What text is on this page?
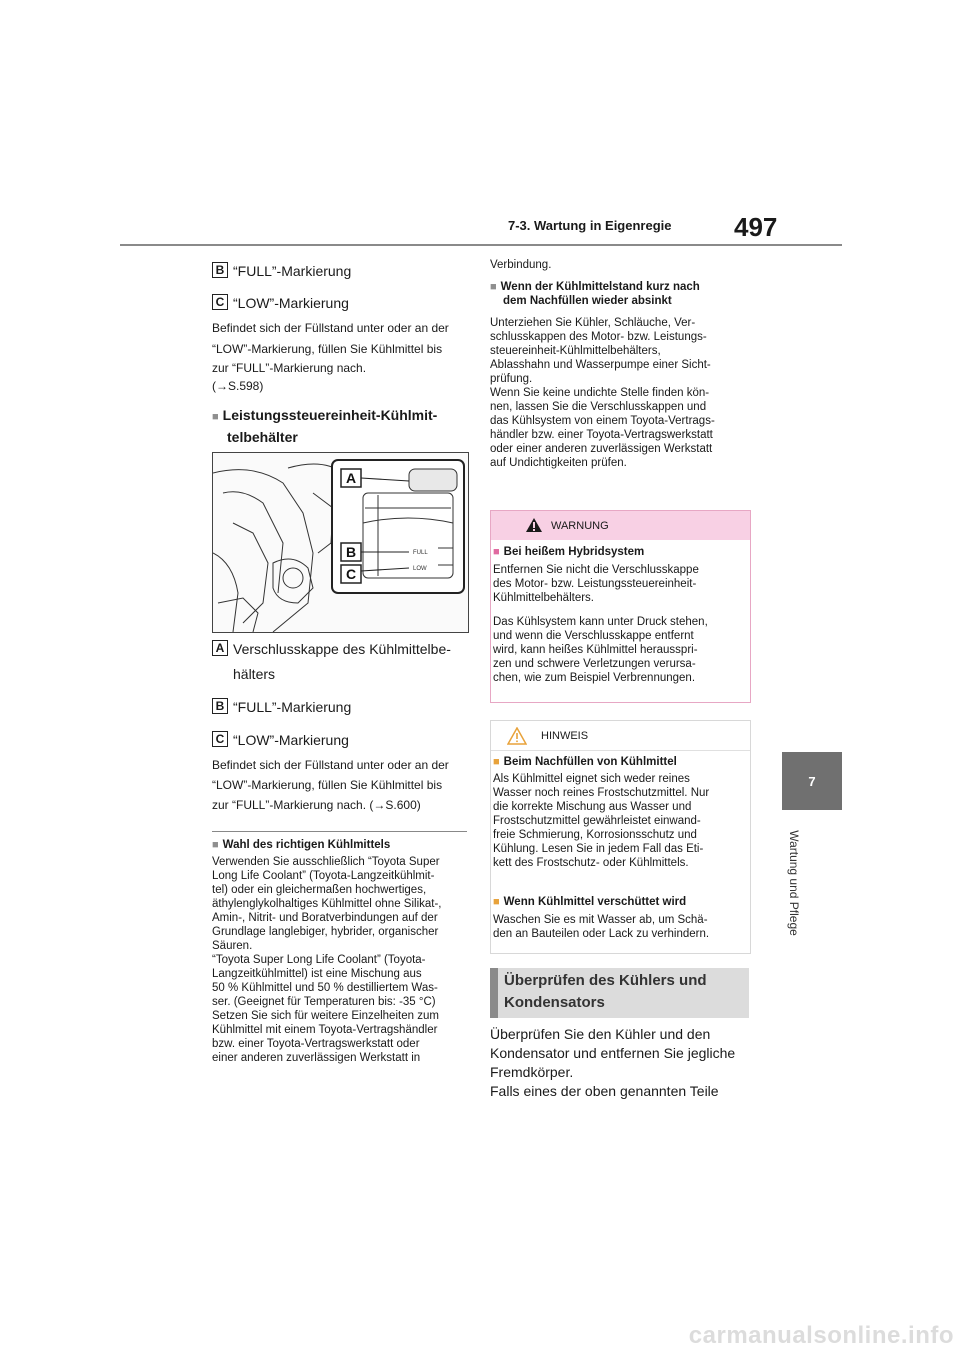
7-3. Wartung in Eigenregie 497
7
Wartung und Pflege
B “FULL”-Markierung
C “LOW”-Markierung
Befindet sich der Füllstand unter oder an der
“LOW”-Markierung, füllen Sie Kühlmittel bis
zur “FULL”-Markierung nach.
(→S.598)
■ Leistungssteuereinheit-Kühlmit-
telbehälter
A
B
C
FULL
LOW
A Verschlusskappe des Kühlmittelbe-
hälters
B “FULL”-Markierung
C “LOW”-Markierung
Befindet sich der Füllstand unter oder an der
“LOW”-Markierung, füllen Sie Kühlmittel bis
zur “FULL”-Markierung nach. (→S.600)
■ Wahl des richtigen Kühlmittels
Verwenden Sie ausschließlich “Toyota Super
Long Life Coolant” (Toyota-Langzeitkühlmit-
tel) oder ein gleichermaßen hochwertiges,
äthylenglykolhaltiges Kühlmittel ohne Silikat-,
Amin-, Nitrit- und Boratverbindungen auf der
Grundlage langlebiger, hybrider, organischer
Säuren.
“Toyota Super Long Life Coolant” (Toyota-
Langzeitkühlmittel) ist eine Mischung aus
50 % Kühlmittel und 50 % destilliertem Was-
ser. (Geeignet für Temperaturen bis: -35 °C)
Setzen Sie sich für weitere Einzelheiten zum
Kühlmittel mit einem Toyota-Vertragshändler
bzw. einer Toyota-Vertragswerkstatt oder
einer anderen zuverlässigen Werkstatt in
Verbindung.
■ Wenn der Kühlmittelstand kurz nach
dem Nachfüllen wieder absinkt
Unterziehen Sie Kühler, Schläuche, Ver-
schlusskappen des Motor- bzw. Leistungs-
steuereinheit-Kühlmittelbehälters,
Ablasshahn und Wasserpumpe einer Sicht-
prüfung.
Wenn Sie keine undichte Stelle finden kön-
nen, lassen Sie die Verschlusskappen und
das Kühlsystem von einem Toyota-Vertrags-
händler bzw. einer Toyota-Vertragswerkstatt
oder einer anderen zuverlässigen Werkstatt
auf Undichtigkeiten prüfen.
WARNUNG
■ Bei heißem Hybridsystem
Entfernen Sie nicht die Verschlusskappe
des Motor- bzw. Leistungssteuereinheit-
Kühlmittelbehälters.
Das Kühlsystem kann unter Druck stehen,
und wenn die Verschlusskappe entfernt
wird, kann heißes Kühlmittel herausspri-
zen und schwere Verletzungen verursa-
chen, wie zum Beispiel Verbrennungen.
HINWEIS
■ Beim Nachfüllen von Kühlmittel
Als Kühlmittel eignet sich weder reines
Wasser noch reines Frostschutzmittel. Nur
die korrekte Mischung aus Wasser und
Frostschutzmittel gewährleistet einwand-
freie Schmierung, Korrosionsschutz und
Kühlung. Lesen Sie in jedem Fall das Eti-
kett des Frostschutz- oder Kühlmittels.
■ Wenn Kühlmittel verschüttet wird
Waschen Sie es mit Wasser ab, um Schä-
den an Bauteilen oder Lack zu verhindern.
Überprüfen des Kühlers und
Kondensators
Überprüfen Sie den Kühler und den
Kondensator und entfernen Sie jegliche
Fremdkörper.
Falls eines der oben genannten Teile
carmanualsonline.info
